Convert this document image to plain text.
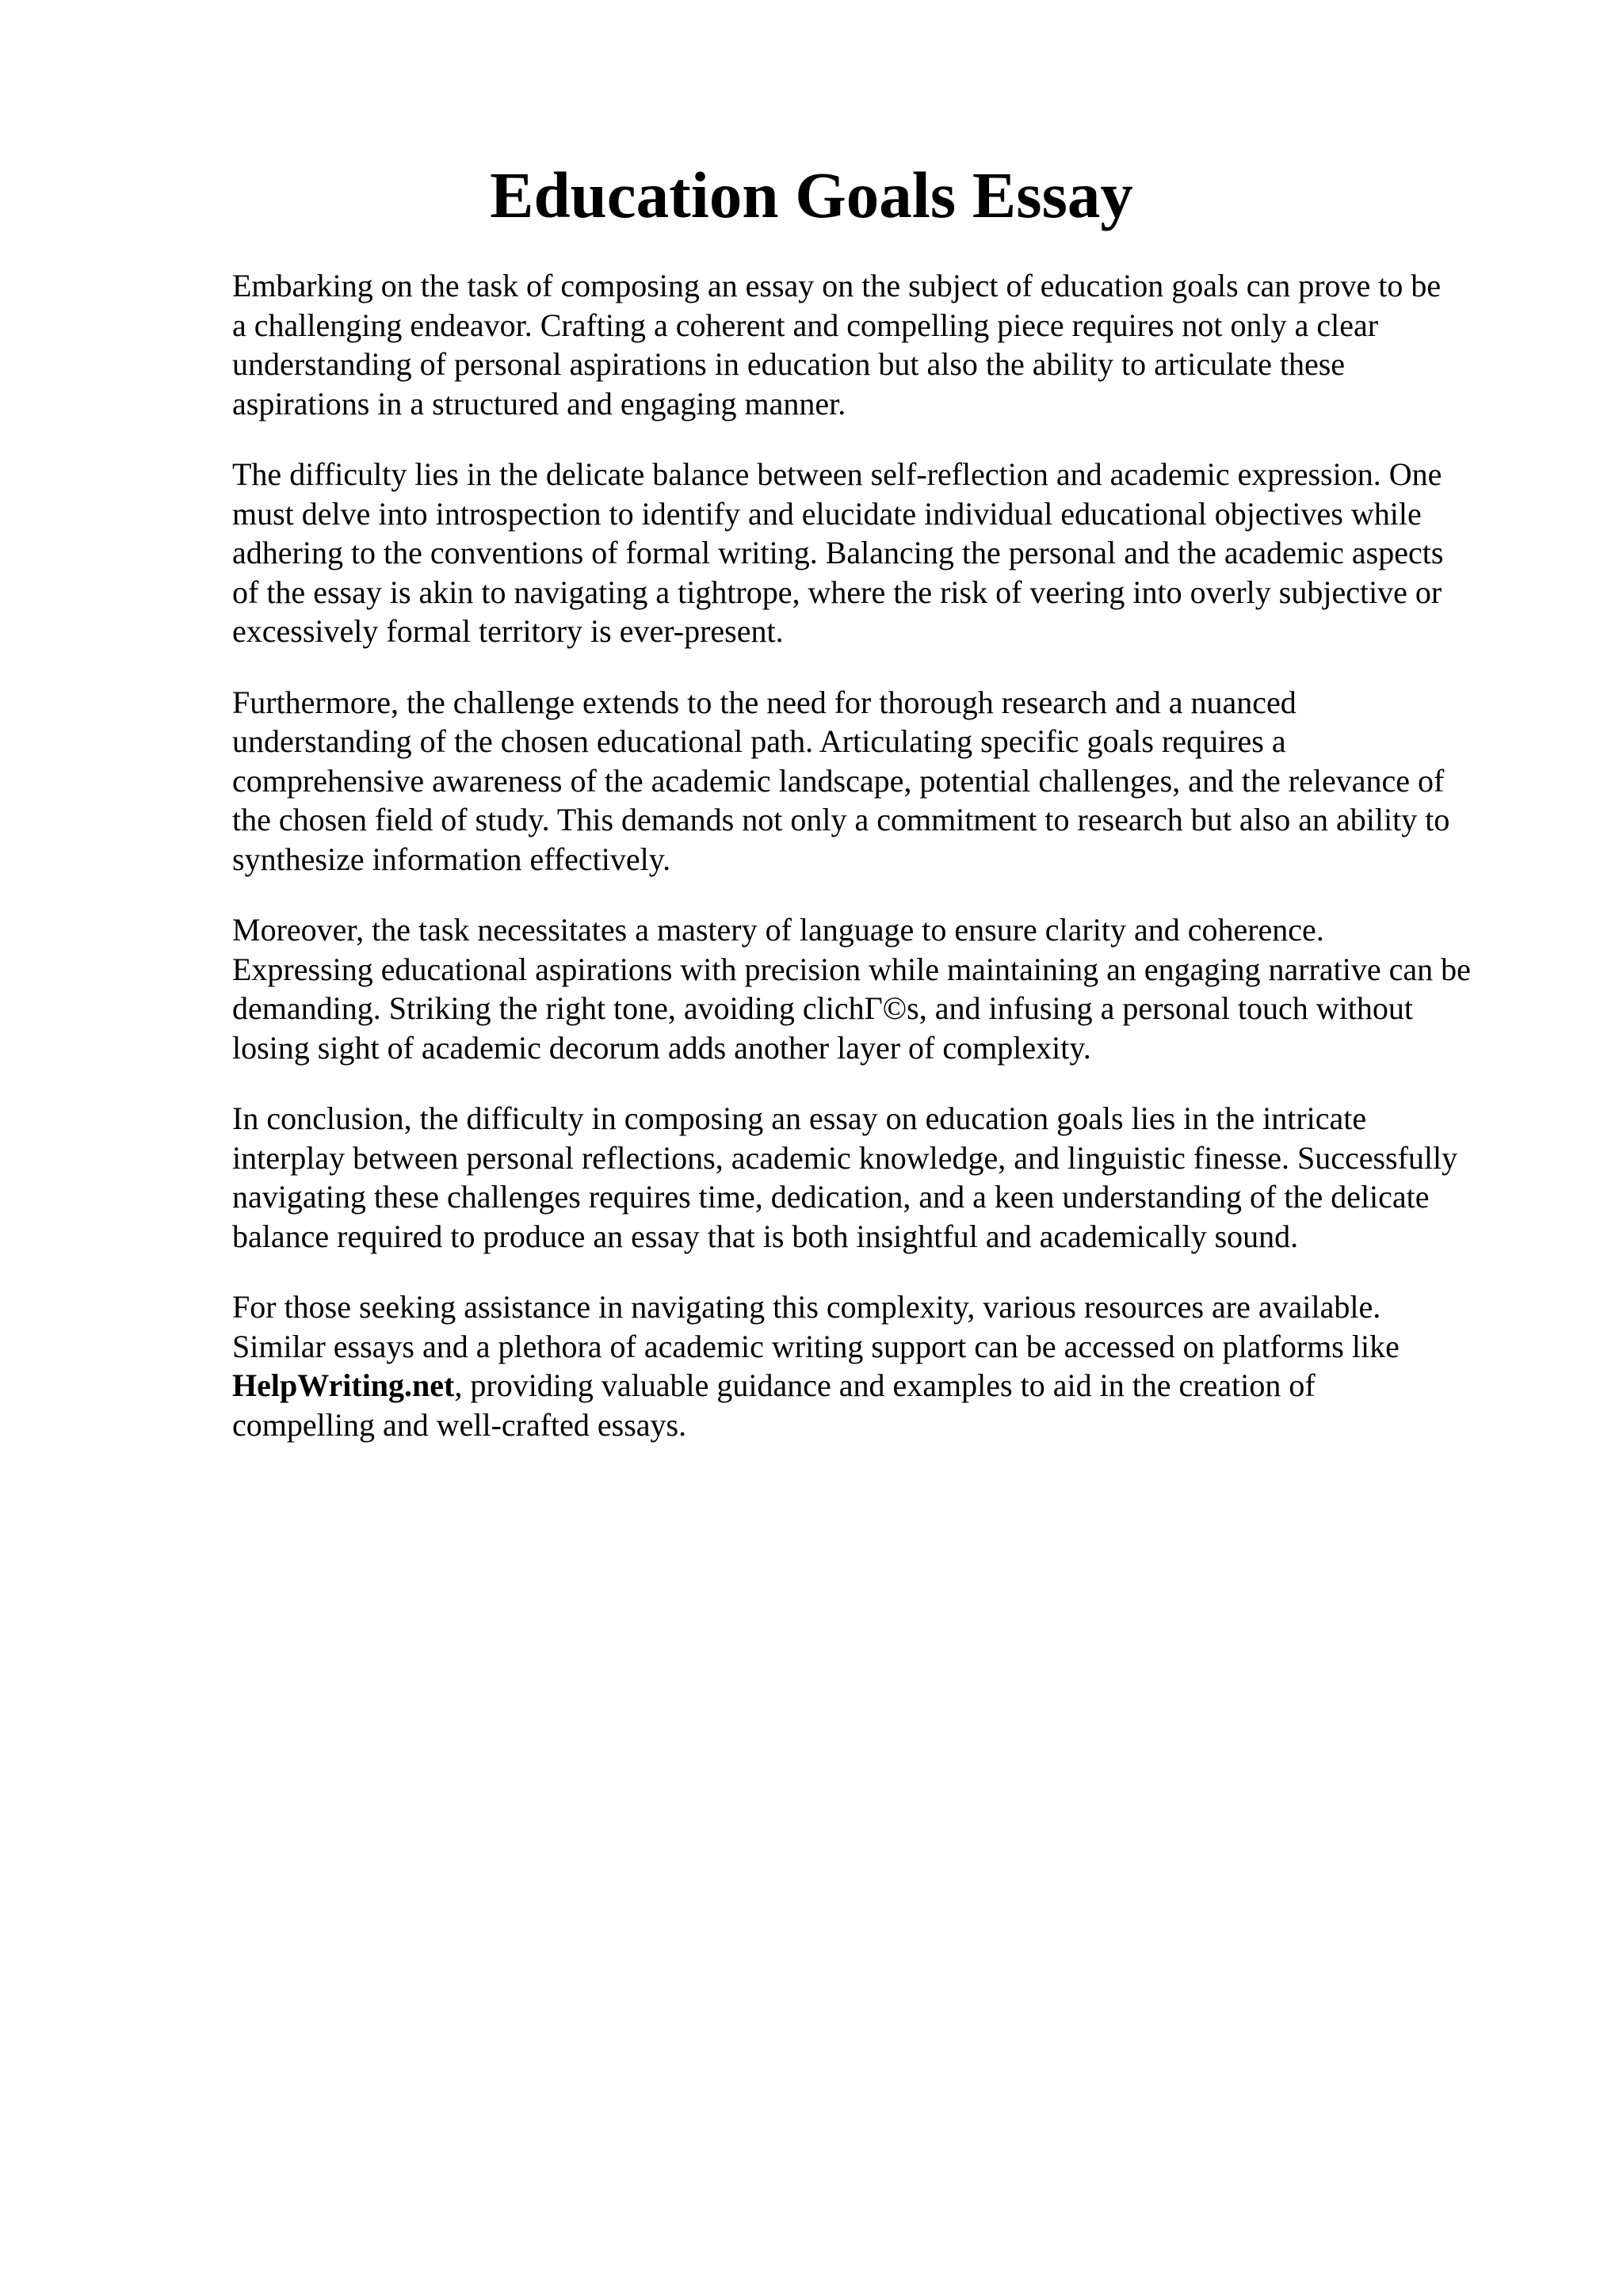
Education Goals Essay

Embarking on the task of composing an essay on the subject of education goals can prove to be
a challenging endeavor. Crafting a coherent and compelling piece requires not only a clear
understanding of personal aspirations in education but also the ability to articulate these
aspirations in a structured and engaging manner.

The difficulty lies in the delicate balance between self-reflection and academic expression. One
must delve into introspection to identify and elucidate individual educational objectives while
adhering to the conventions of formal writing. Balancing the personal and the academic aspects
of the essay is akin to navigating a tightrope, where the risk of veering into overly subjective or
excessively formal territory is ever-present.

Furthermore, the challenge extends to the need for thorough research and a nuanced
understanding of the chosen educational path. Articulating specific goals requires a
comprehensive awareness of the academic landscape, potential challenges, and the relevance of
the chosen field of study. This demands not only a commitment to research but also an ability to
synthesize information effectively.

Moreover, the task necessitates a mastery of language to ensure clarity and coherence.
Expressing educational aspirations with precision while maintaining an engaging narrative can be
demanding. Striking the right tone, avoiding clichГ©s, and infusing a personal touch without
losing sight of academic decorum adds another layer of complexity.

In conclusion, the difficulty in composing an essay on education goals lies in the intricate
interplay between personal reflections, academic knowledge, and linguistic finesse. Successfully
navigating these challenges requires time, dedication, and a keen understanding of the delicate
balance required to produce an essay that is both insightful and academically sound.

For those seeking assistance in navigating this complexity, various resources are available.
Similar essays and a plethora of academic writing support can be accessed on platforms like
HelpWriting.net, providing valuable guidance and examples to aid in the creation of
compelling and well-crafted essays.
